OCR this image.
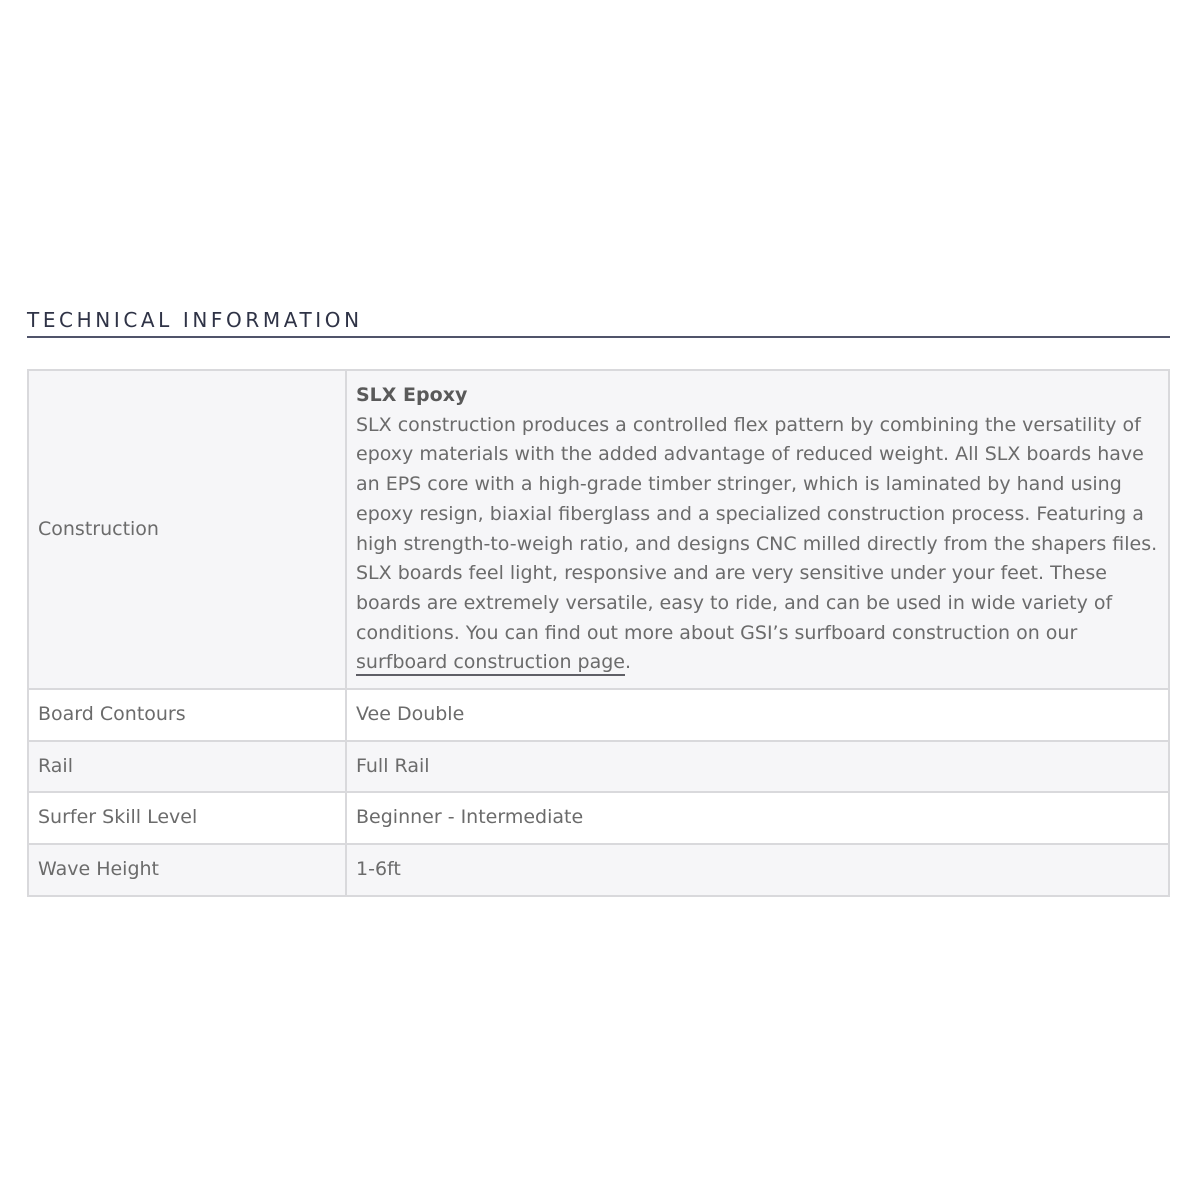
TECHNICAL INFORMATION
Construction	SLX Epoxy
SLX construction produces a controlled flex pattern by combining the versatility of epoxy materials with the added advantage of reduced weight. All SLX boards have an EPS core with a high-grade timber stringer, which is laminated by hand using epoxy resign, biaxial fiberglass and a specialized construction process. Featuring a high strength-to-weigh ratio, and designs CNC milled directly from the shapers files. SLX boards feel light, responsive and are very sensitive under your feet. These boards are extremely versatile, easy to ride, and can be used in wide variety of conditions. You can find out more about GSI’s surfboard construction on our surfboard construction page.
Board Contours	Vee Double
Rail	Full Rail
Surfer Skill Level	Beginner - Intermediate
Wave Height	1-6ft
